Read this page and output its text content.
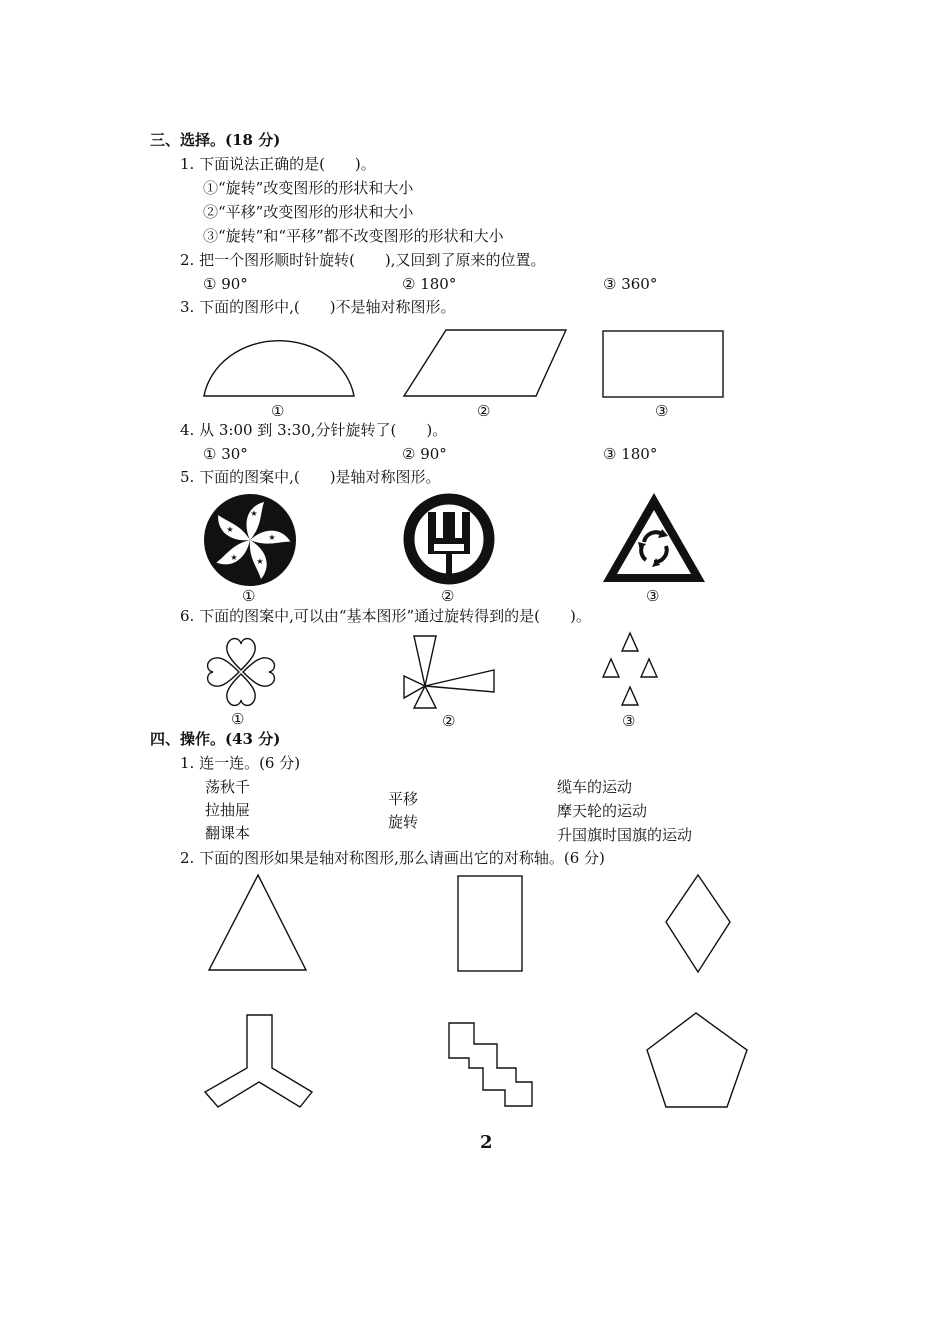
三、选择。(18 分)
1. 下面说法正确的是(　　)。
①“旋转”改变图形的形状和大小
②“平移”改变图形的形状和大小
③“旋转”和“平移”都不改变图形的形状和大小
2. 把一个图形顺时针旋转(　　),又回到了原来的位置。
① 90°	② 180°	③ 360°
3. 下面的图形中,(　　)不是轴对称图形。
①	②	③
4. 从 3:00 到 3:30,分针旋转了(　　)。
① 30°	② 90°	③ 180°
5. 下面的图案中,(　　)是轴对称图形。
★
★
★
★
★
①	②	③
6. 下面的图案中,可以由“基本图形”通过旋转得到的是(　　)。
①	②	③
四、操作。(43 分)
1. 连一连。(6 分)
荡秋千
拉抽屉
翻课本
平移
旋转
缆车的运动
摩天轮的运动
升国旗时国旗的运动
2. 下面的图形如果是轴对称图形,那么请画出它的对称轴。(6 分)
2
